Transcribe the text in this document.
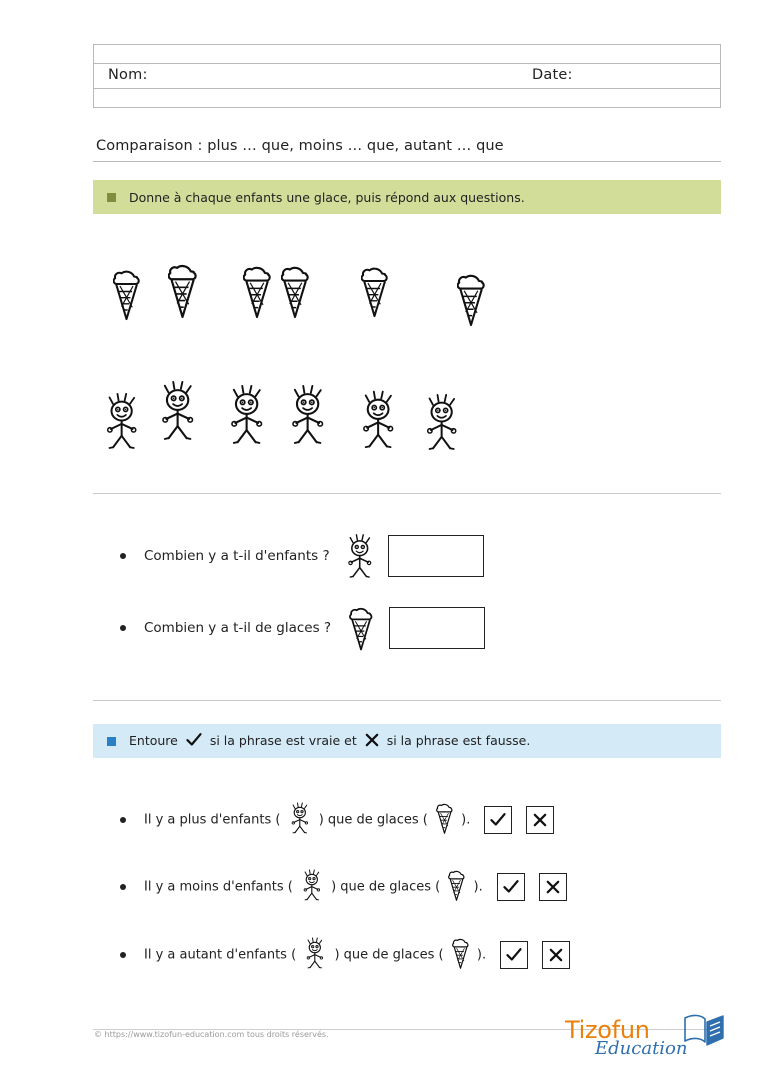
Nom:	Date:
Comparaison : plus … que, moins … que, autant … que
Donne à chaque enfants une glace, puis répond aux questions.
Combien y a t-il d'enfants ?
Combien y a t-il de glaces ?
Entoure	si la phrase est vraie et si la phrase est fausse.
Il y a plus d'enfants (	) que de glaces (	).
Il y a moins d'enfants (	) que de glaces (	).
Il y a autant d'enfants (	) que de glaces (	).
© https://www.tizofun-education.com tous droits réservés.	Tizofun
Education
